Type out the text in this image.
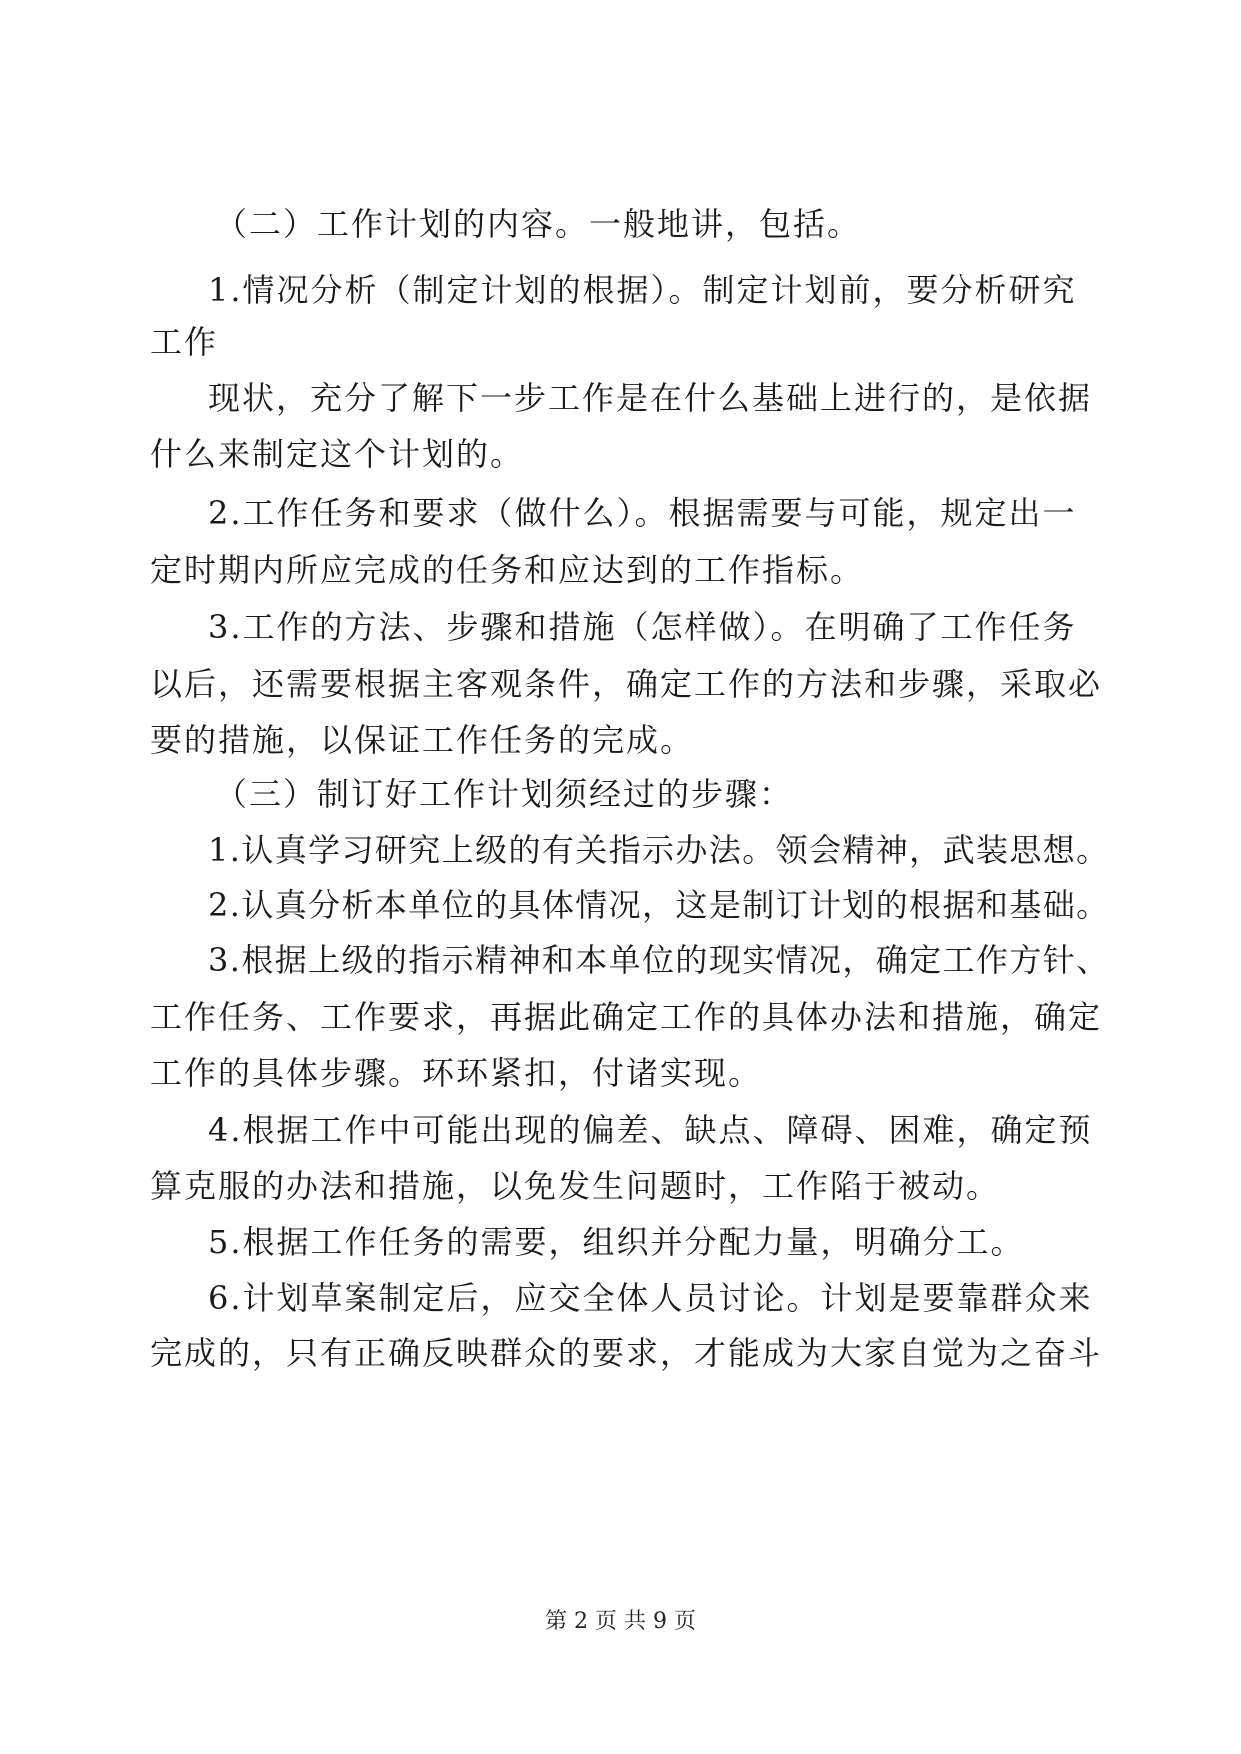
（二）工作计划的内容。一般地讲，包括。
1.情况分析（制定计划的根据）。制定计划前，要分析研究
工作
现状，充分了解下一步工作是在什么基础上进行的，是依据
什么来制定这个计划的。
2.工作任务和要求（做什么）。根据需要与可能，规定出一
定时期内所应完成的任务和应达到的工作指标。
3.工作的方法、步骤和措施（怎样做）。在明确了工作任务
以后，还需要根据主客观条件，确定工作的方法和步骤，采取必
要的措施，以保证工作任务的完成。
（三）制订好工作计划须经过的步骤：
1.认真学习研究上级的有关指示办法。领会精神，武装思想。
2.认真分析本单位的具体情况，这是制订计划的根据和基础。
3.根据上级的指示精神和本单位的现实情况，确定工作方针、
工作任务、工作要求，再据此确定工作的具体办法和措施，确定
工作的具体步骤。环环紧扣，付诸实现。
4.根据工作中可能出现的偏差、缺点、障碍、困难，确定预
算克服的办法和措施，以免发生问题时，工作陷于被动。
5.根据工作任务的需要，组织并分配力量，明确分工。
6.计划草案制定后，应交全体人员讨论。计划是要靠群众来
完成的，只有正确反映群众的要求，才能成为大家自觉为之奋斗
第 2 页 共 9 页
